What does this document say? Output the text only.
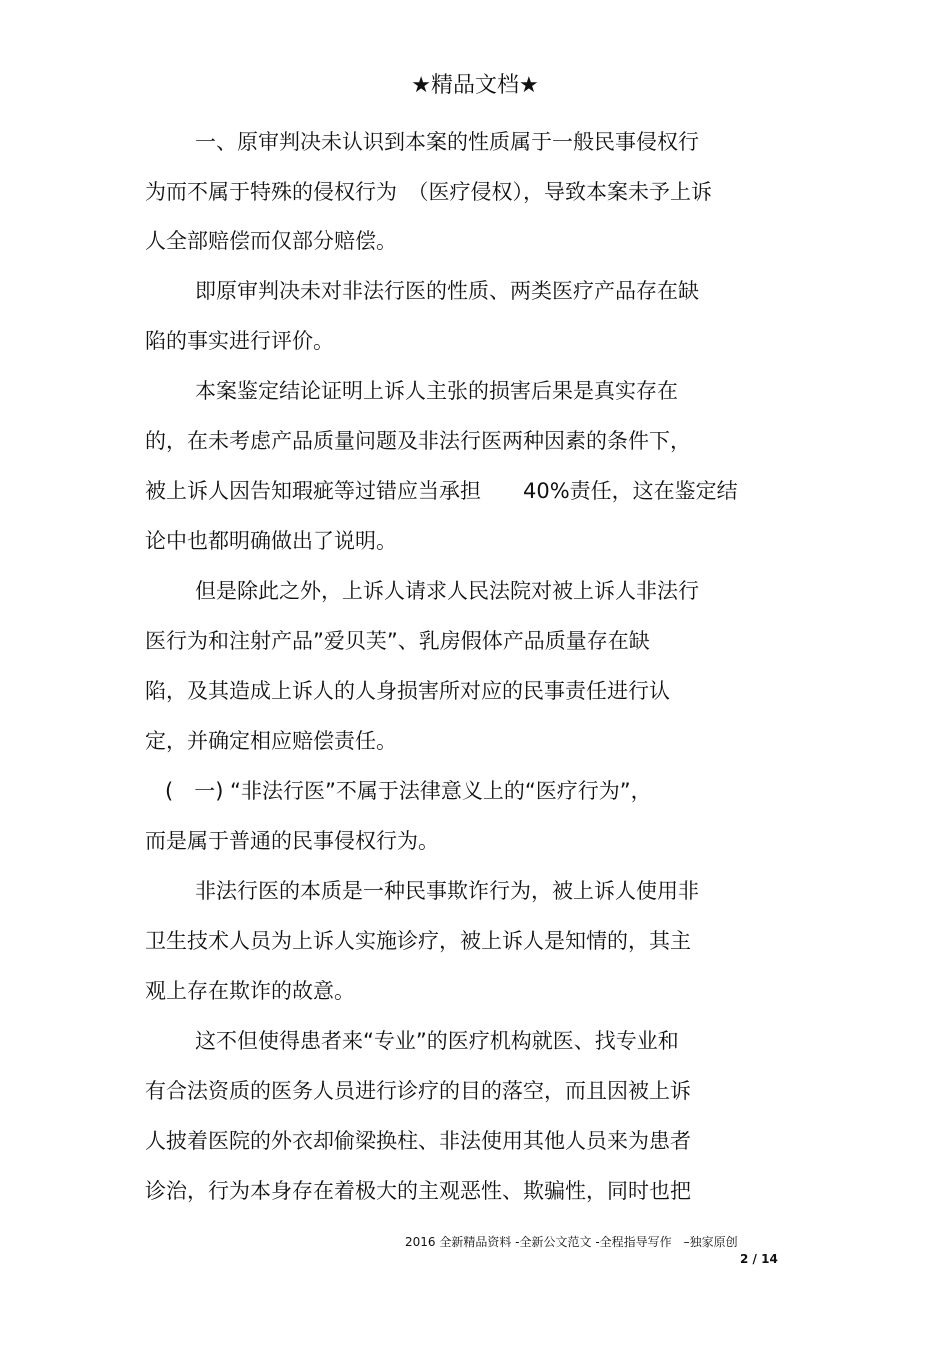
★精品文档★
一、原审判决未认识到本案的性质属于一般民事侵权行
为而不属于特殊的侵权行为　（医疗侵权），导致本案未予上诉
人全部赔偿而仅部分赔偿。
即原审判决未对非法行医的性质、两类医疗产品存在缺
陷的事实进行评价。
本案鉴定结论证明上诉人主张的损害后果是真实存在
的，在未考虑产品质量问题及非法行医两种因素的条件下，
被上诉人因告知瑕疵等过错应当承担　　40%责任，这在鉴定结
论中也都明确做出了说明。
但是除此之外，上诉人请求人民法院对被上诉人非法行
医行为和注射产品”爱贝芙”、乳房假体产品质量存在缺
陷，及其造成上诉人的人身损害所对应的民事责任进行认
定，并确定相应赔偿责任。
(　一) “非法行医”不属于法律意义上的“医疗行为”，
而是属于普通的民事侵权行为。
非法行医的本质是一种民事欺诈行为，被上诉人使用非
卫生技术人员为上诉人实施诊疗，被上诉人是知情的，其主
观上存在欺诈的故意。
这不但使得患者来“专业”的医疗机构就医、找专业和
有合法资质的医务人员进行诊疗的目的落空，而且因被上诉
人披着医院的外衣却偷梁换柱、非法使用其他人员来为患者
诊治，行为本身存在着极大的主观恶性、欺骗性，同时也把
2016 全新精品资料 -全新公文范文 -全程指导写作　–独家原创
2 / 14
